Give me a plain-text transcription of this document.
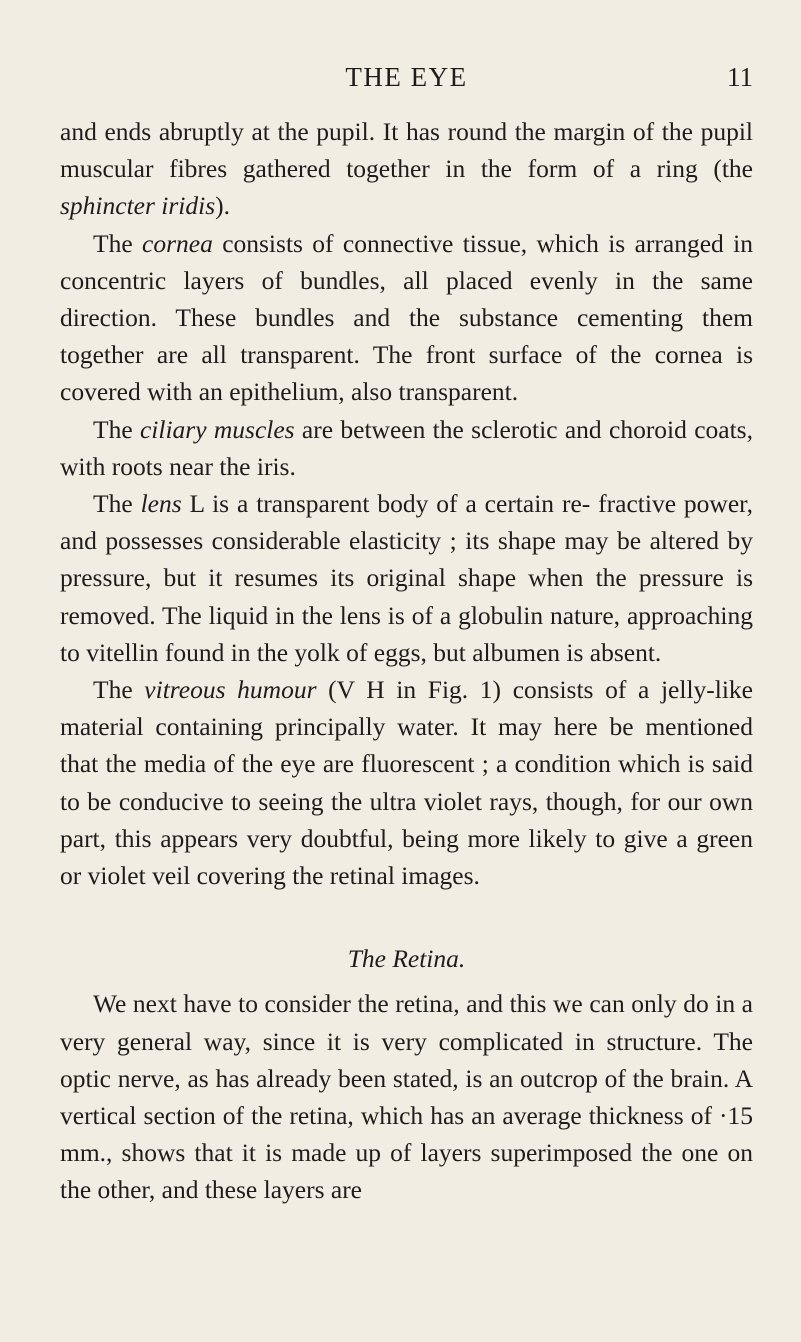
THE EYE	11

and ends abruptly at the pupil. It has round the margin of the pupil muscular fibres gathered together in the form of a ring (the sphincter iridis).

The cornea consists of connective tissue, which is arranged in concentric layers of bundles, all placed evenly in the same direction. These bundles and the substance cementing them together are all transparent. The front surface of the cornea is covered with an epithelium, also transparent.

The ciliary muscles are between the sclerotic and choroid coats, with roots near the iris.

The lens L is a transparent body of a certain re- fractive power, and possesses considerable elasticity ; its shape may be altered by pressure, but it resumes its original shape when the pressure is removed. The liquid in the lens is of a globulin nature, approaching to vitellin found in the yolk of eggs, but albumen is absent.

The vitreous humour (V H in Fig. 1) consists of a jelly-like material containing principally water. It may here be mentioned that the media of the eye are fluorescent ; a condition which is said to be conducive to seeing the ultra violet rays, though, for our own part, this appears very doubtful, being more likely to give a green or violet veil covering the retinal images.

The Retina.

We next have to consider the retina, and this we can only do in a very general way, since it is very complicated in structure. The optic nerve, as has already been stated, is an outcrop of the brain. A vertical section of the retina, which has an average thickness of ·15 mm., shows that it is made up of layers superimposed the one on the other, and these layers are
